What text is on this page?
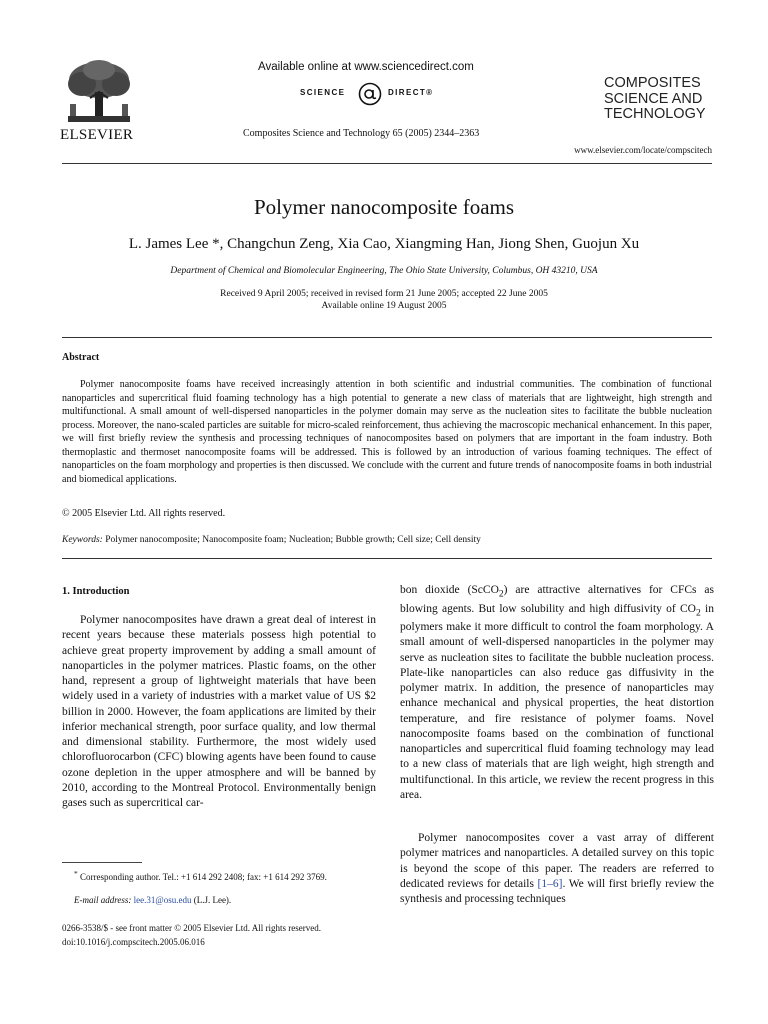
ELSEVIER
Available online at www.sciencedirect.com
SCIENCE	DIRECT®
Composites Science and Technology 65 (2005) 2344–2363
COMPOSITES
SCIENCE AND
TECHNOLOGY
www.elsevier.com/locate/compscitech
Polymer nanocomposite foams
L. James Lee *, Changchun Zeng, Xia Cao, Xiangming Han, Jiong Shen, Guojun Xu
Department of Chemical and Biomolecular Engineering, The Ohio State University, Columbus, OH 43210, USA
Received 9 April 2005; received in revised form 21 June 2005; accepted 22 June 2005
Available online 19 August 2005
Abstract

Polymer nanocomposite foams have received increasingly attention in both scientific and industrial communities. The combination of functional nanoparticles and supercritical fluid foaming technology has a high potential to generate a new class of materials that are lightweight, high strength and multifunctional. A small amount of well-dispersed nanoparticles in the polymer domain may serve as the nucleation sites to facilitate the bubble nucleation process. Moreover, the nano-scaled particles are suitable for micro-scaled reinforcement, thus achieving the macroscopic mechanical enhancement. In this paper, we will first briefly review the synthesis and processing techniques of nanocomposites based on polymers that are important in the foam industry. Both thermoplastic and thermoset nanocomposite foams will be addressed. This is followed by an introduction of various foaming techniques. The effect of nanoparticles on the foam morphology and properties is then discussed. We conclude with the current and future trends of nanocomposite foams in both industrial and biomedical applications.

© 2005 Elsevier Ltd. All rights reserved.
Keywords: Polymer nanocomposite; Nanocomposite foam; Nucleation; Bubble growth; Cell size; Cell density
1. Introduction

Polymer nanocomposites have drawn a great deal of interest in recent years because these materials possess high potential to achieve great property improvement by adding a small amount of nanoparticles in the polymer matrices. Plastic foams, on the other hand, represent a group of lightweight materials that have been widely used in a variety of industries with a market value of US $2 billion in 2000. However, the foam applications are limited by their inferior mechanical strength, poor surface quality, and low thermal and dimensional stability. Furthermore, the most widely used chlorofluorocarbon (CFC) blowing agents have been found to cause ozone depletion in the upper atmosphere and will be banned by 2010, according to the Montreal Protocol. Environmentally benign gases such as supercritical car-

* Corresponding author. Tel.: +1 614 292 2408; fax: +1 614 292 3769.

E-mail address: lee.31@osu.edu (L.J. Lee).

0266-3538/$ - see front matter © 2005 Elsevier Ltd. All rights reserved.
doi:10.1016/j.compscitech.2005.06.016

bon dioxide (ScCO$_2$) are attractive alternatives for CFCs as blowing agents. But low solubility and high diffusivity of $CO_2$ in polymers make it more difficult to control the foam morphology. A small amount of well-dispersed nanoparticles in the polymer may serve as nucleation sites to facilitate the bubble nucleation process. Plate-like nanoparticles can also reduce gas diffusivity in the polymer matrix. In addition, the presence of nanoparticles may enhance mechanical and physical properties, the heat distortion temperature, and fire resistance of polymer foams. Novel nanocomposite foams based on the combination of functional nanoparticles and supercritical fluid foaming technology may lead to a new class of materials that are ligh weight, high strength and multifunctional. In this article, we review the recent progress in this area.

Polymer nanocomposites cover a vast array of different polymer matrices and nanoparticles. A detailed survey on this topic is beyond the scope of this paper. The readers are referred to dedicated reviews for details [1–6]. We will first briefly review the synthesis and processing techniques
